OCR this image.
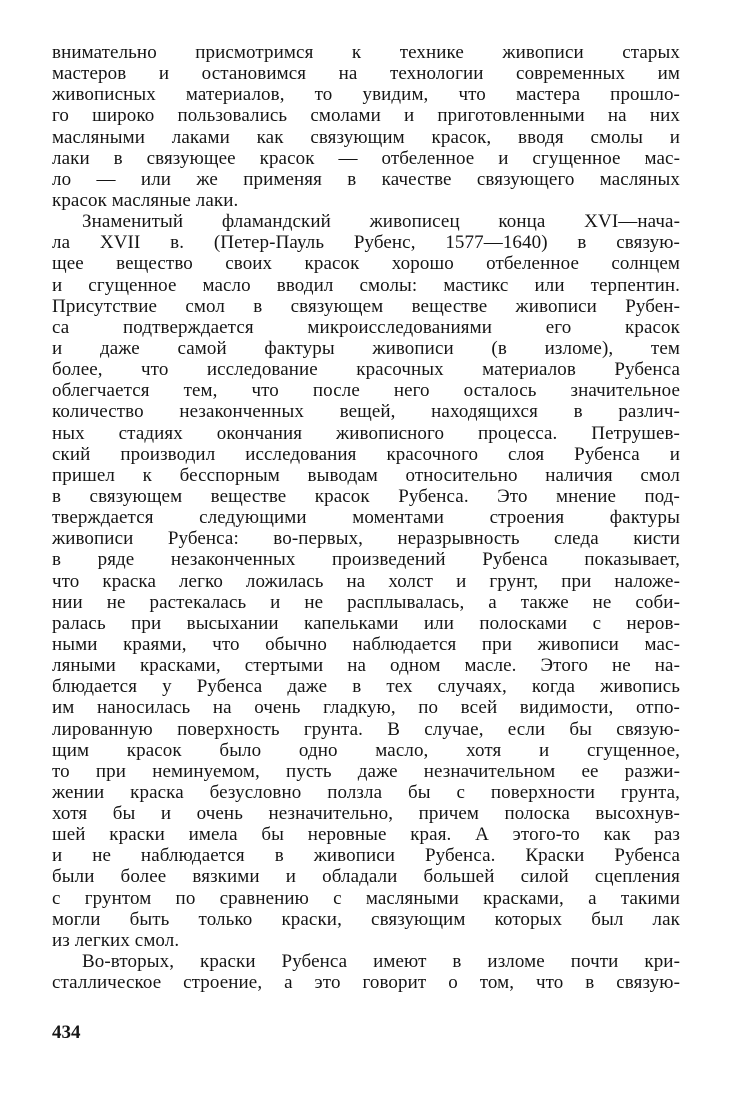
внимательно присмотримся к технике живописи старых
мастеров и остановимся на технологии современных им
живописных материалов, то увидим, что мастера прошло-
го широко пользовались смолами и приготовленными на них
масляными лаками как связующим красок, вводя смолы и
лаки в связующее красок — отбеленное и сгущенное мас-
ло — или же применяя в качестве связующего масляных
красок масляные лаки.
Знаменитый фламандский живописец конца XVI—нача-
ла XVII в. (Петер-Пауль Рубенс, 1577—1640) в связую-
щее вещество своих красок хорошо отбеленное солнцем
и сгущенное масло вводил смолы: мастикс или терпентин.
Присутствие смол в связующем веществе живописи Рубен-
са подтверждается микроисследованиями его красок
и даже самой фактуры живописи (в изломе), тем
более, что исследование красочных материалов Рубенса
облегчается тем, что после него осталось значительное
количество незаконченных вещей, находящихся в различ-
ных стадиях окончания живописного процесса. Петрушев-
ский производил исследования красочного слоя Рубенса и
пришел к бесспорным выводам относительно наличия смол
в связующем веществе красок Рубенса. Это мнение под-
тверждается следующими моментами строения фактуры
живописи Рубенса: во-первых, неразрывность следа кисти
в ряде незаконченных произведений Рубенса показывает,
что краска легко ложилась на холст и грунт, при наложе-
нии не растекалась и не расплывалась, а также не соби-
ралась при высыхании капельками или полосками с неров-
ными краями, что обычно наблюдается при живописи мас-
ляными красками, стертыми на одном масле. Этого не на-
блюдается у Рубенса даже в тех случаях, когда живопись
им наносилась на очень гладкую, по всей видимости, отпо-
лированную поверхность грунта. В случае, если бы связую-
щим красок было одно масло, хотя и сгущенное,
то при неминуемом, пусть даже незначительном ее разжи-
жении краска безусловно ползла бы с поверхности грунта,
хотя бы и очень незначительно, причем полоска высохнув-
шей краски имела бы неровные края. А этого-то как раз
и не наблюдается в живописи Рубенса. Краски Рубенса
были более вязкими и обладали большей силой сцепления
с грунтом по сравнению с масляными красками, а такими
могли быть только краски, связующим которых был лак
из легких смол.
Во-вторых, краски Рубенса имеют в изломе почти кри-
сталлическое строение, а это говорит о том, что в связую-
434
